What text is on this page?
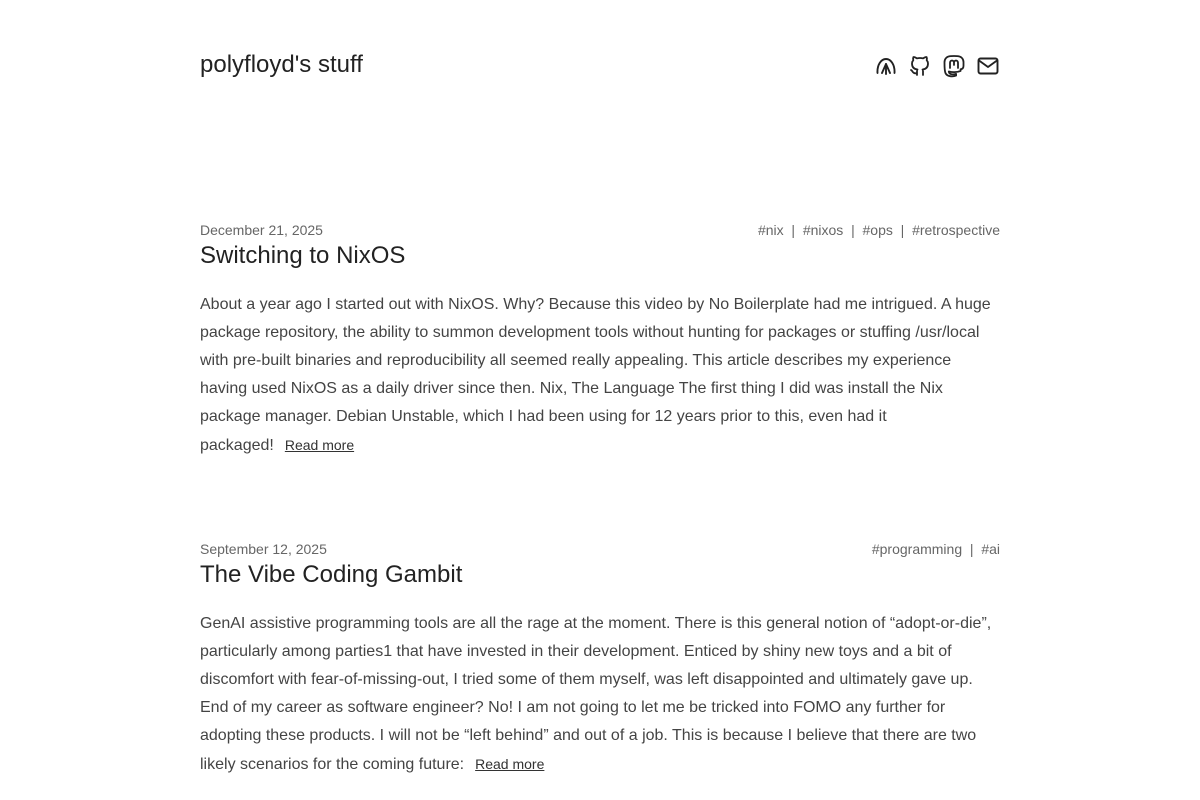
polyfloyd's stuff
December 21, 2025	#nix  |  #nixos  |  #ops  |  #retrospective
Switching to NixOS

About a year ago I started out with NixOS. Why? Because this video by No Boilerplate had me intrigued. A huge package repository, the ability to summon development tools without hunting for packages or stuffing /usr/local with pre-built binaries and reproducibility all seemed really appealing. This article describes my experience having used NixOS as a daily driver since then. Nix, The Language The first thing I did was install the Nix package manager. Debian Unstable, which I had been using for 12 years prior to this, even had it packaged! Read more

September 12, 2025	#programming  |  #ai
The Vibe Coding Gambit

GenAI assistive programming tools are all the rage at the moment. There is this general notion of “adopt-or-die”, particularly among parties1 that have invested in their development. Enticed by shiny new toys and a bit of discomfort with fear-of-missing-out, I tried some of them myself, was left disappointed and ultimately gave up. End of my career as software engineer? No! I am not going to let me be tricked into FOMO any further for adopting these products. I will not be “left behind” and out of a job. This is because I believe that there are two likely scenarios for the coming future: Read more
